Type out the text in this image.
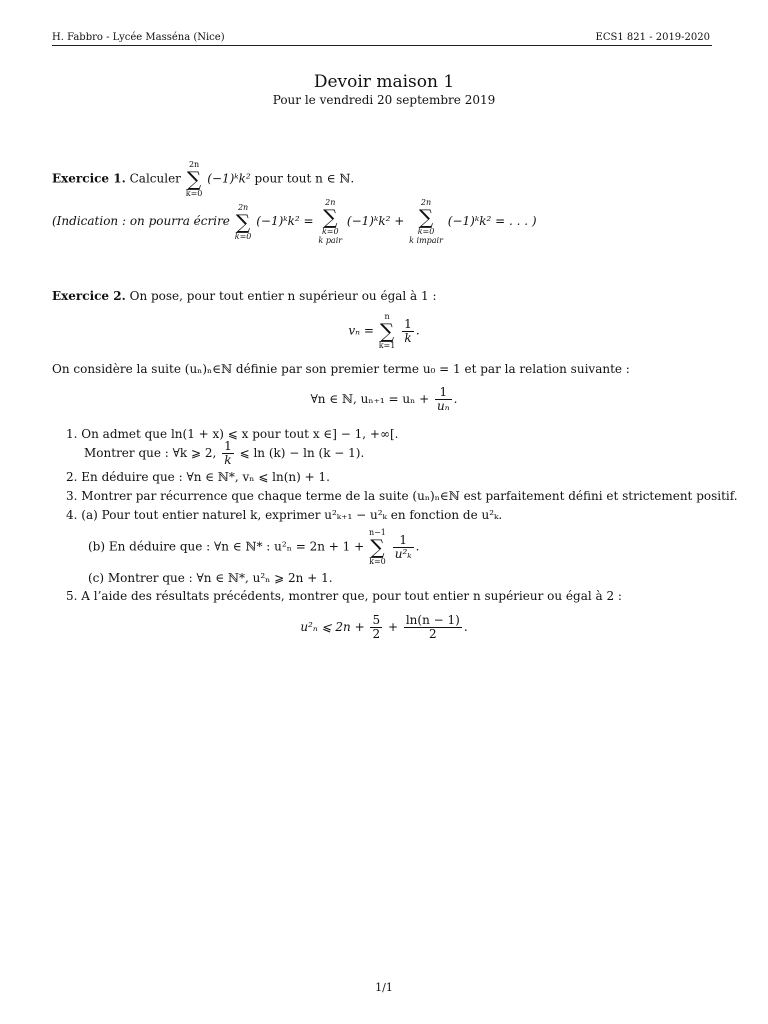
H. Fabbro - Lycée Masséna (Nice)	ECS1 821 - 2019-2020
Devoir maison 1
Pour le vendredi 20 septembre 2019
Exercice 1. Calculer
2n
∑
k=0
(−1)ᵏk² pour tout n ∈ ℕ.
(Indication : on pourra écrire
2n
∑
k=0
(−1)ᵏk² =
2n
∑
k=0
k pair
(−1)ᵏk² +
2n
∑
k=0
k impair
(−1)ᵏk² = . . . )
Exercice 2. On pose, pour tout entier n supérieur ou égal à 1 :
vₙ =
n
∑
k=1

$\frac{1}{k}$ .
On considère la suite (uₙ)ₙ∈ℕ définie par son premier terme u₀ = 1 et par la relation suivante :
∀n ∈ ℕ, $u_{n+1} = u_n + \frac{1}{\text{uₙ}}$ .
1. On admet que ln(1 + x) ⩽ x pour tout x ∈] − 1, +∞[.
Montrer que : ∀k ⩾ 2, $\frac{1}{k}$ ⩽ ln (k) − ln (k − 1).
2. En déduire que : ∀n ∈ ℕ*, vₙ ⩽ ln(n) + 1.
3. Montrer par récurrence que chaque terme de la suite (uₙ)ₙ∈ℕ est parfaitement défini et strictement positif.
4. (a) Pour tout entier naturel k, exprimer u²ₖ₊₁ − u²ₖ en fonction de u²ₖ.
(b) En déduire que : ∀n ∈ ℕ* : u²ₙ = 2n + 1 +
n−1
∑
k=0

$\frac{1}{\text{u²ₖ}}$ .
(c) Montrer que : ∀n ∈ ℕ*, u²ₙ ⩾ 2n + 1.
5. A l’aide des résultats précédents, montrer que, pour tout entier n supérieur ou égal à 2 :
u²ₙ ⩽ $2n + \frac{5}{2} + \frac{\ln(n - 1)}{2}$ .
1/1
